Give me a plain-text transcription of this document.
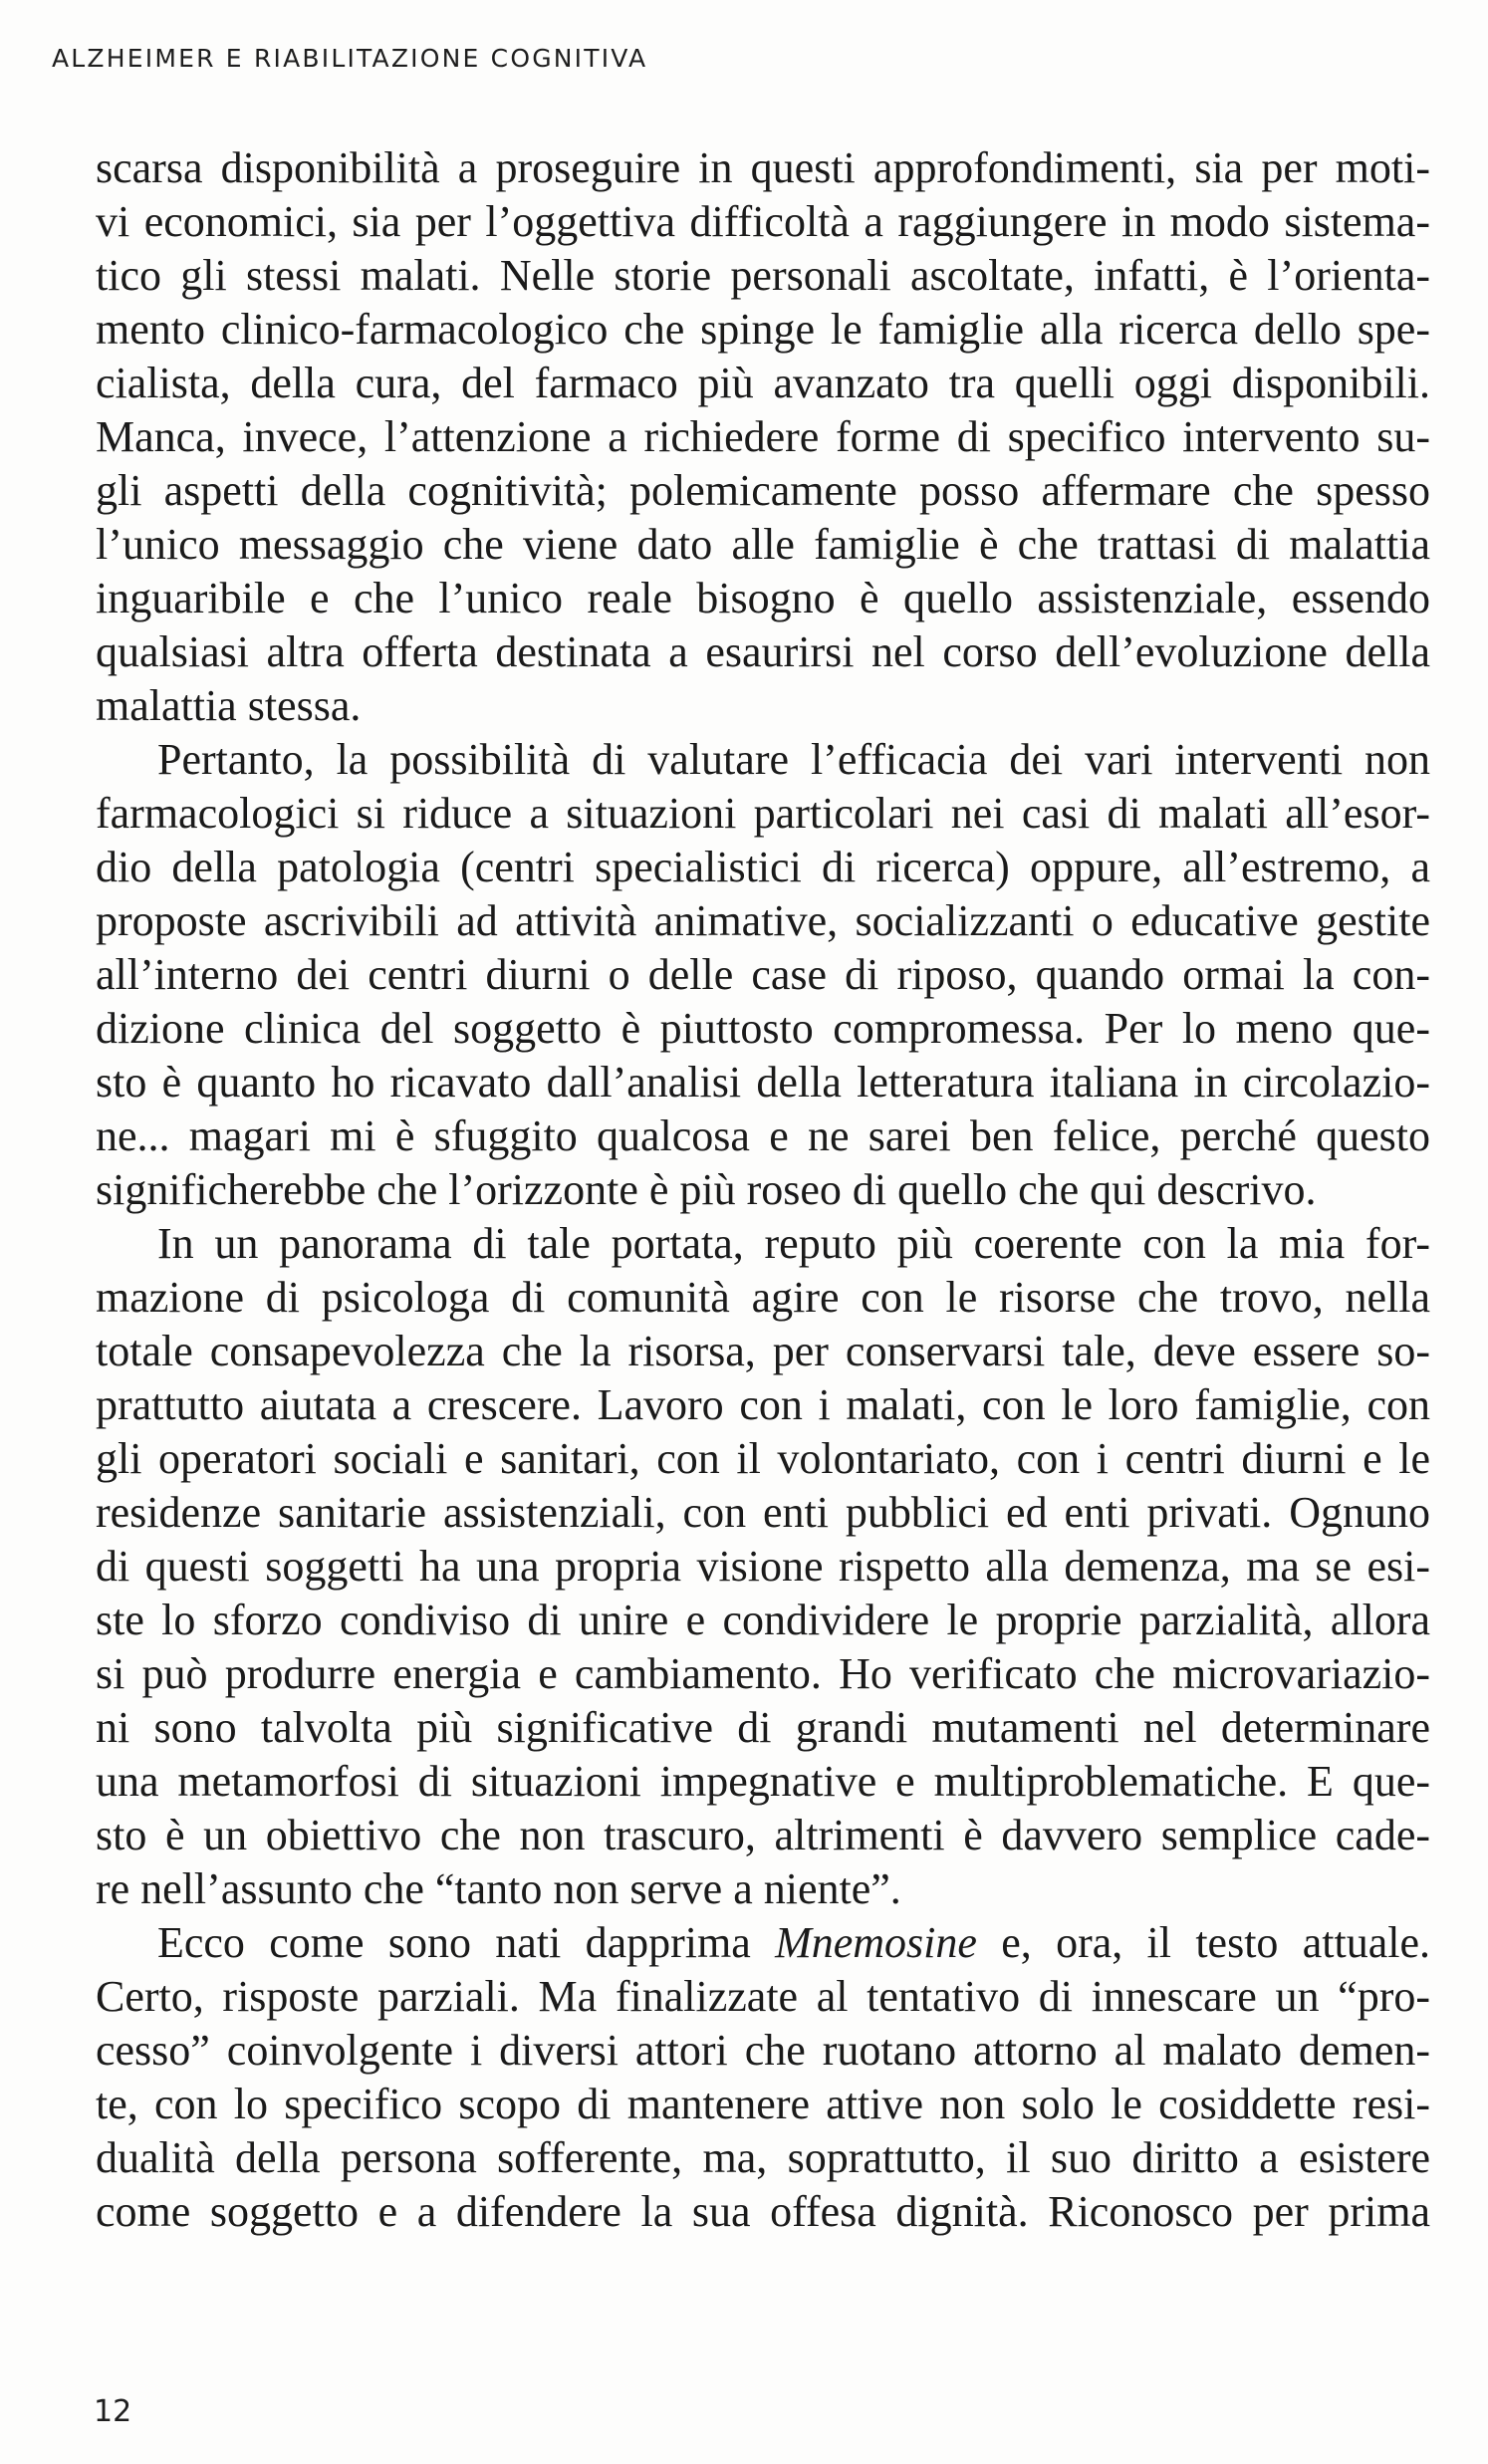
ALZHEIMER E RIABILITAZIONE COGNITIVA
scarsa disponibilità a proseguire in questi approfondimenti, sia per moti-
vi economici, sia per l’oggettiva difficoltà a raggiungere in modo sistema-
tico gli stessi malati. Nelle storie personali ascoltate, infatti, è l’orienta-
mento clinico-farmacologico che spinge le famiglie alla ricerca dello spe-
cialista, della cura, del farmaco più avanzato tra quelli oggi disponibili.
Manca, invece, l’attenzione a richiedere forme di specifico intervento su-
gli aspetti della cognitività; polemicamente posso affermare che spesso
l’unico messaggio che viene dato alle famiglie è che trattasi di malattia
inguaribile e che l’unico reale bisogno è quello assistenziale, essendo
qualsiasi altra offerta destinata a esaurirsi nel corso dell’evoluzione della
malattia stessa.
Pertanto, la possibilità di valutare l’efficacia dei vari interventi non
farmacologici si riduce a situazioni particolari nei casi di malati all’esor-
dio della patologia (centri specialistici di ricerca) oppure, all’estremo, a
proposte ascrivibili ad attività animative, socializzanti o educative gestite
all’interno dei centri diurni o delle case di riposo, quando ormai la con-
dizione clinica del soggetto è piuttosto compromessa. Per lo meno que-
sto è quanto ho ricavato dall’analisi della letteratura italiana in circolazio-
ne... magari mi è sfuggito qualcosa e ne sarei ben felice, perché questo
significherebbe che l’orizzonte è più roseo di quello che qui descrivo.
In un panorama di tale portata, reputo più coerente con la mia for-
mazione di psicologa di comunità agire con le risorse che trovo, nella
totale consapevolezza che la risorsa, per conservarsi tale, deve essere so-
prattutto aiutata a crescere. Lavoro con i malati, con le loro famiglie, con
gli operatori sociali e sanitari, con il volontariato, con i centri diurni e le
residenze sanitarie assistenziali, con enti pubblici ed enti privati. Ognuno
di questi soggetti ha una propria visione rispetto alla demenza, ma se esi-
ste lo sforzo condiviso di unire e condividere le proprie parzialità, allora
si può produrre energia e cambiamento. Ho verificato che microvariazio-
ni sono talvolta più significative di grandi mutamenti nel determinare
una metamorfosi di situazioni impegnative e multiproblematiche. E que-
sto è un obiettivo che non trascuro, altrimenti è davvero semplice cade-
re nell’assunto che “tanto non serve a niente”.
Ecco come sono nati dapprima Mnemosine e, ora, il testo attuale.
Certo, risposte parziali. Ma finalizzate al tentativo di innescare un “pro-
cesso” coinvolgente i diversi attori che ruotano attorno al malato demen-
te, con lo specifico scopo di mantenere attive non solo le cosiddette resi-
dualità della persona sofferente, ma, soprattutto, il suo diritto a esistere
come soggetto e a difendere la sua offesa dignità. Riconosco per prima
12
